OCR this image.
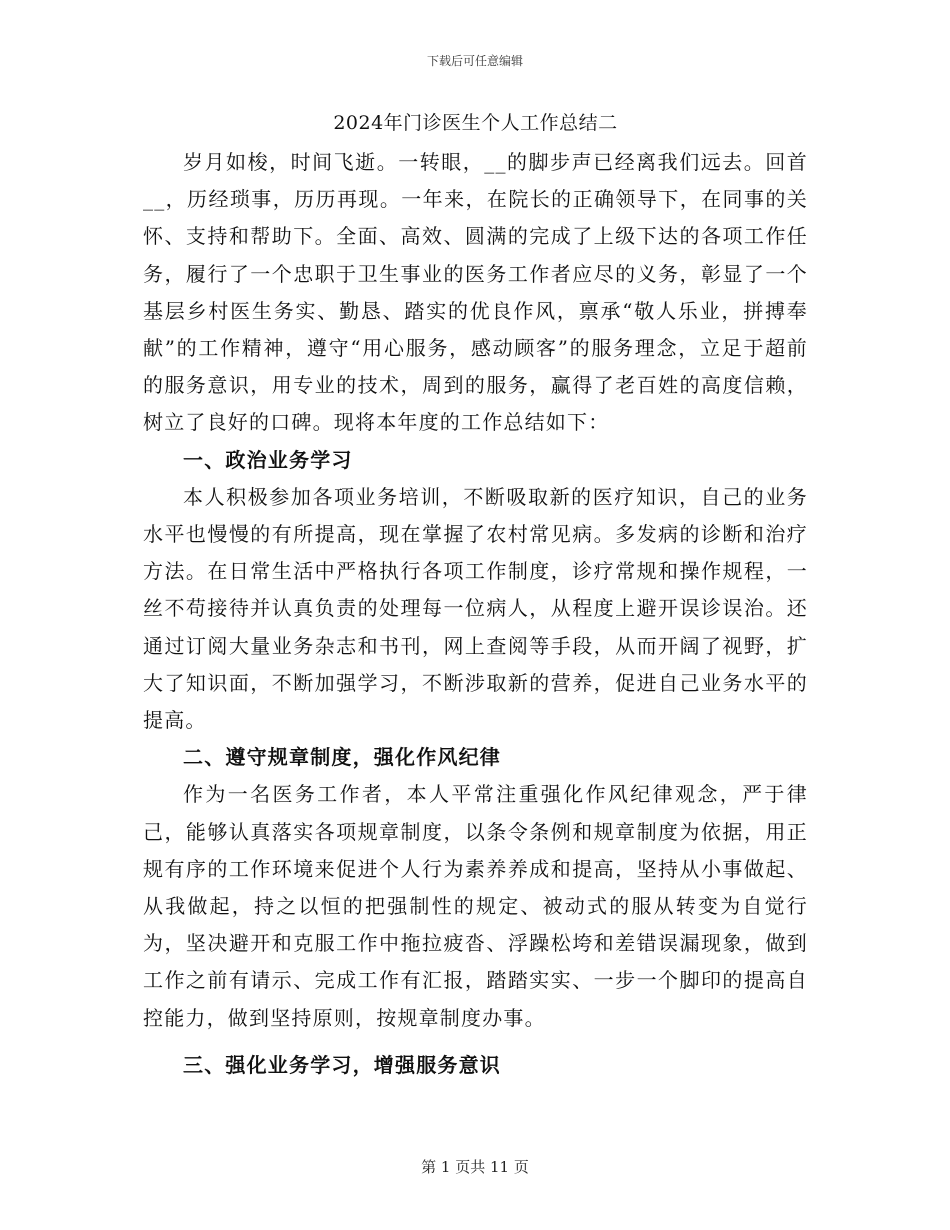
下载后可任意编辑
2024年门诊医生个人工作总结二

岁月如梭，时间飞逝。一转眼，__的脚步声已经离我们远去。回首__，历经琐事，历历再现。一年来，在院长的正确领导下，在同事的关怀、支持和帮助下。全面、高效、圆满的完成了上级下达的各项工作任务，履行了一个忠职于卫生事业的医务工作者应尽的义务，彰显了一个基层乡村医生务实、勤恳、踏实的优良作风，禀承“敬人乐业，拼搏奉献”的工作精神，遵守“用心服务，感动顾客”的服务理念，立足于超前的服务意识，用专业的技术，周到的服务，赢得了老百姓的高度信赖，树立了良好的口碑。现将本年度的工作总结如下：

一、政治业务学习

本人积极参加各项业务培训，不断吸取新的医疗知识，自己的业务水平也慢慢的有所提高，现在掌握了农村常见病。多发病的诊断和治疗方法。在日常生活中严格执行各项工作制度，诊疗常规和操作规程，一丝不苟接待并认真负责的处理每一位病人，从程度上避开误诊误治。还通过订阅大量业务杂志和书刊，网上查阅等手段，从而开阔了视野，扩大了知识面，不断加强学习，不断涉取新的营养，促进自己业务水平的提高。

二、遵守规章制度，强化作风纪律

作为一名医务工作者，本人平常注重强化作风纪律观念，严于律己，能够认真落实各项规章制度，以条令条例和规章制度为依据，用正规有序的工作环境来促进个人行为素养养成和提高，坚持从小事做起、从我做起，持之以恒的把强制性的规定、被动式的服从转变为自觉行为，坚决避开和克服工作中拖拉疲沓、浮躁松垮和差错误漏现象，做到工作之前有请示、完成工作有汇报，踏踏实实、一步一个脚印的提高自控能力，做到坚持原则，按规章制度办事。

三、强化业务学习，增强服务意识

第 1 页共 11 页
